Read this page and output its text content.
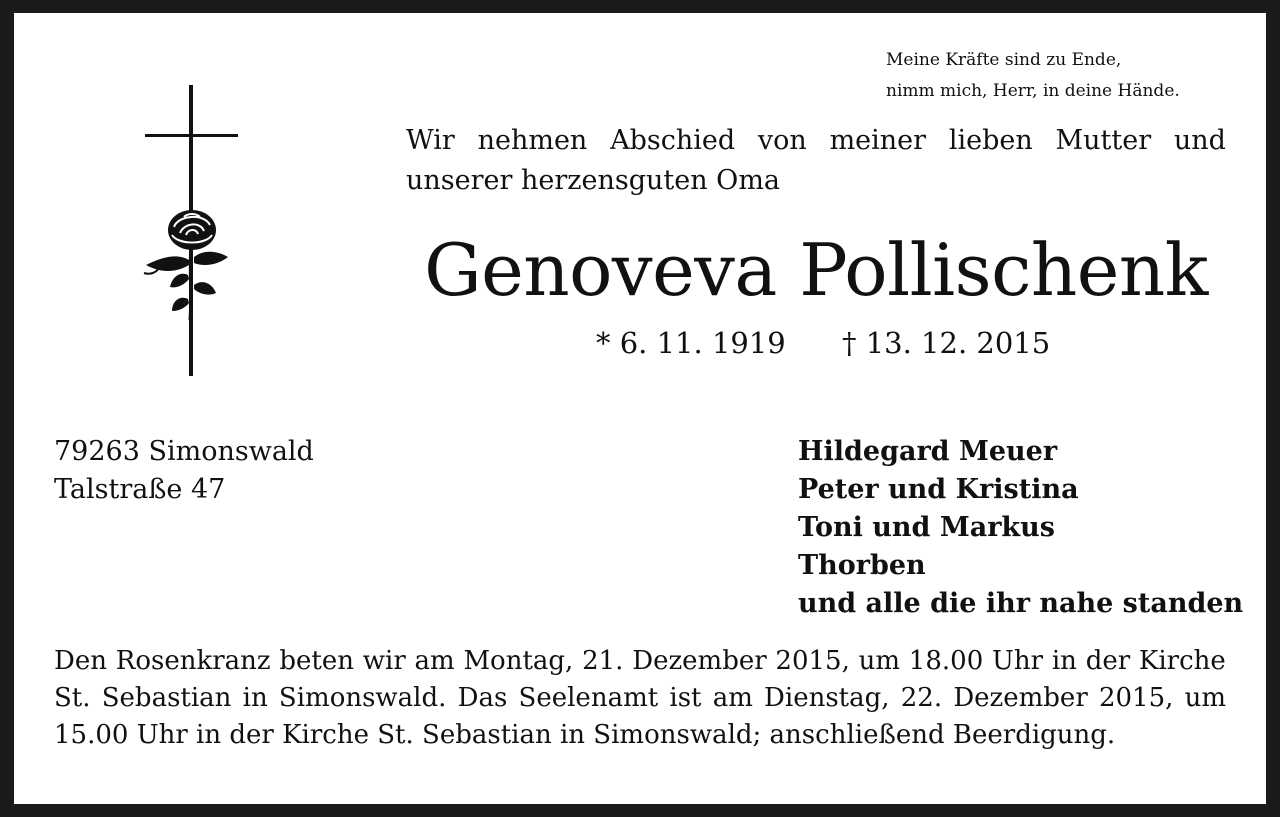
Meine Kräfte sind zu Ende,
nimm mich, Herr, in deine Hände.
Wir nehmen Abschied von meiner lieben Mutter und
unserer herzensguten Oma
Genoveva Pollischenk
* 6. 11. 1919 † 13. 12. 2015
79263 Simonswald
Talstraße 47
Hildegard Meuer
Peter und Kristina
Toni und Markus
Thorben
und alle die ihr nahe standen
Den Rosenkranz beten wir am Montag, 21. Dezember 2015, um 18.00 Uhr in der Kirche
St. Sebastian in Simonswald. Das Seelenamt ist am Dienstag, 22. Dezember 2015, um
15.00 Uhr in der Kirche St. Sebastian in Simonswald; anschließend Beerdigung.
